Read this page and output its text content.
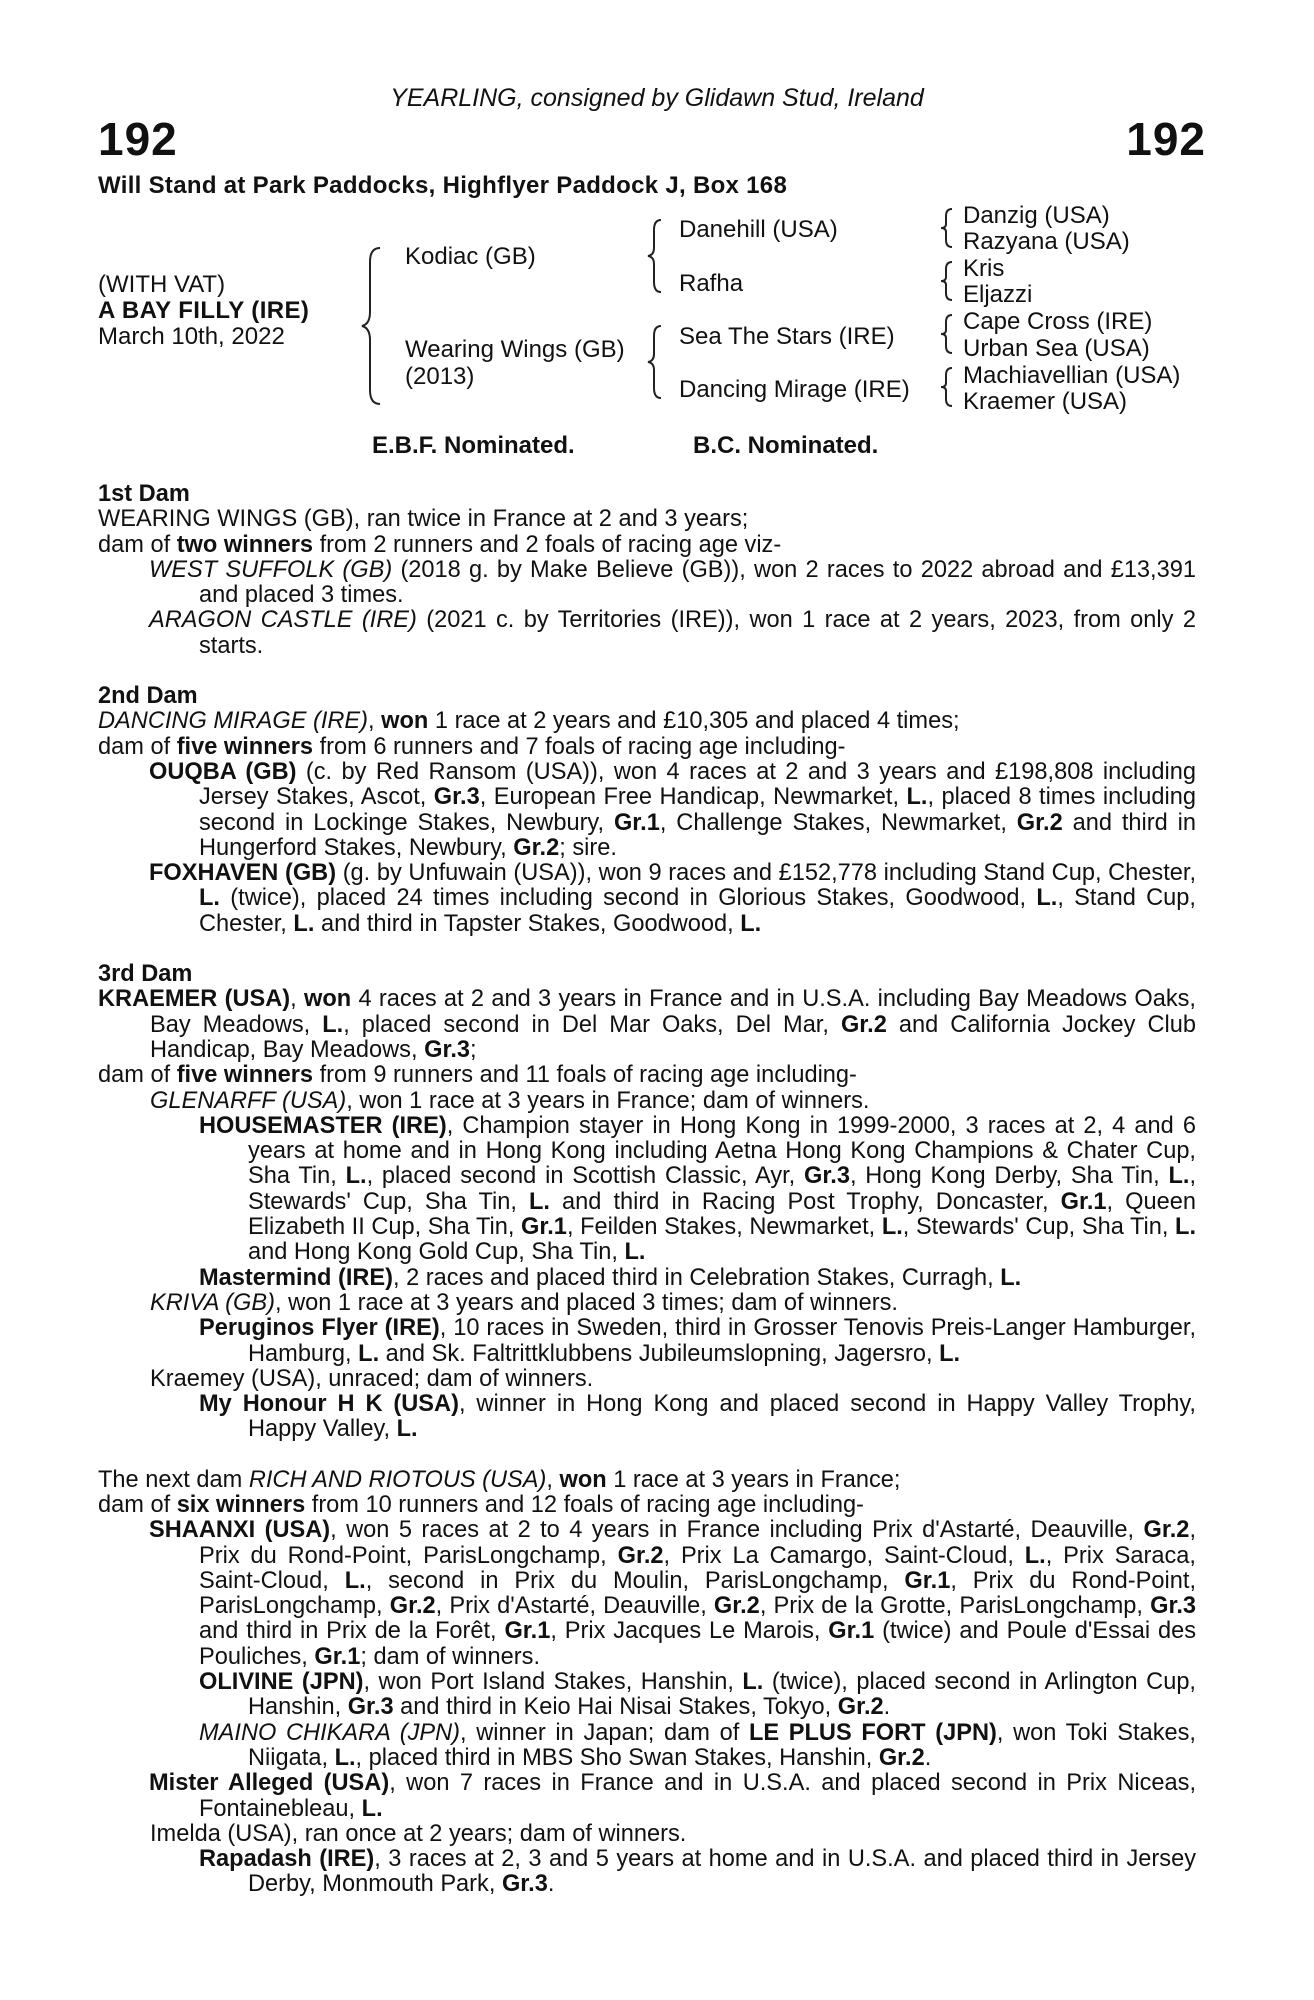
YEARLING, consigned by Glidawn Stud, Ireland
192	192
Will Stand at Park Paddocks, Highflyer Paddock J, Box 168
(WITH VAT)
A BAY FILLY (IRE)
March 10th, 2022
Kodiac (GB)
Wearing Wings (GB)
(2013)
Danehill (USA)
Rafha
Sea The Stars (IRE)
Dancing Mirage (IRE)
Danzig (USA)
Razyana (USA)
Kris
Eljazzi
Cape Cross (IRE)
Urban Sea (USA)
Machiavellian (USA)
Kraemer (USA)
E.B.F. Nominated.	B.C. Nominated.

1st Dam

WEARING WINGS (GB), ran twice in France at 2 and 3 years;

dam of two winners from 2 runners and 2 foals of racing age viz-

WEST SUFFOLK (GB) (2018 g. by Make Believe (GB)), won 2 races to 2022 abroad and £13,391 and placed 3 times.

ARAGON CASTLE (IRE) (2021 c. by Territories (IRE)), won 1 race at 2 years, 2023, from only 2 starts.

2nd Dam

DANCING MIRAGE (IRE), won 1 race at 2 years and £10,305 and placed 4 times;

dam of five winners from 6 runners and 7 foals of racing age including-

OUQBA (GB) (c. by Red Ransom (USA)), won 4 races at 2 and 3 years and £198,808 including Jersey Stakes, Ascot, Gr.3, European Free Handicap, Newmarket, L., placed 8 times including second in Lockinge Stakes, Newbury, Gr.1, Challenge Stakes, Newmarket, Gr.2 and third in Hungerford Stakes, Newbury, Gr.2; sire.

FOXHAVEN (GB) (g. by Unfuwain (USA)), won 9 races and £152,778 including Stand Cup, Chester, L. (twice), placed 24 times including second in Glorious Stakes, Goodwood, L., Stand Cup, Chester, L. and third in Tapster Stakes, Goodwood, L.

3rd Dam

KRAEMER (USA), won 4 races at 2 and 3 years in France and in U.S.A. including Bay Meadows Oaks, Bay Meadows, L., placed second in Del Mar Oaks, Del Mar, Gr.2 and California Jockey Club Handicap, Bay Meadows, Gr.3;

dam of five winners from 9 runners and 11 foals of racing age including-

GLENARFF (USA), won 1 race at 3 years in France; dam of winners.

HOUSEMASTER (IRE), Champion stayer in Hong Kong in 1999-2000, 3 races at 2, 4 and 6 years at home and in Hong Kong including Aetna Hong Kong Champions & Chater Cup, Sha Tin, L., placed second in Scottish Classic, Ayr, Gr.3, Hong Kong Derby, Sha Tin, L., Stewards' Cup, Sha Tin, L. and third in Racing Post Trophy, Doncaster, Gr.1, Queen Elizabeth II Cup, Sha Tin, Gr.1, Feilden Stakes, Newmarket, L., Stewards' Cup, Sha Tin, L. and Hong Kong Gold Cup, Sha Tin, L.

Mastermind (IRE), 2 races and placed third in Celebration Stakes, Curragh, L.

KRIVA (GB), won 1 race at 3 years and placed 3 times; dam of winners.

Peruginos Flyer (IRE), 10 races in Sweden, third in Grosser Tenovis Preis-Langer Hamburger, Hamburg, L. and Sk. Faltrittklubbens Jubileumslopning, Jagersro, L.

Kraemey (USA), unraced; dam of winners.

My Honour H K (USA), winner in Hong Kong and placed second in Happy Valley Trophy, Happy Valley, L.

The next dam RICH AND RIOTOUS (USA), won 1 race at 3 years in France;

dam of six winners from 10 runners and 12 foals of racing age including-

SHAANXI (USA), won 5 races at 2 to 4 years in France including Prix d'Astarté, Deauville, Gr.2, Prix du Rond-Point, ParisLongchamp, Gr.2, Prix La Camargo, Saint-Cloud, L., Prix Saraca, Saint-Cloud, L., second in Prix du Moulin, ParisLongchamp, Gr.1, Prix du Rond-Point, ParisLongchamp, Gr.2, Prix d'Astarté, Deauville, Gr.2, Prix de la Grotte, ParisLongchamp, Gr.3 and third in Prix de la Forêt, Gr.1, Prix Jacques Le Marois, Gr.1 (twice) and Poule d'Essai des Pouliches, Gr.1; dam of winners.

OLIVINE (JPN), won Port Island Stakes, Hanshin, L. (twice), placed second in Arlington Cup, Hanshin, Gr.3 and third in Keio Hai Nisai Stakes, Tokyo, Gr.2.

MAINO CHIKARA (JPN), winner in Japan; dam of LE PLUS FORT (JPN), won Toki Stakes, Niigata, L., placed third in MBS Sho Swan Stakes, Hanshin, Gr.2.

Mister Alleged (USA), won 7 races in France and in U.S.A. and placed second in Prix Niceas, Fontainebleau, L.

Imelda (USA), ran once at 2 years; dam of winners.

Rapadash (IRE), 3 races at 2, 3 and 5 years at home and in U.S.A. and placed third in Jersey Derby, Monmouth Park, Gr.3.
